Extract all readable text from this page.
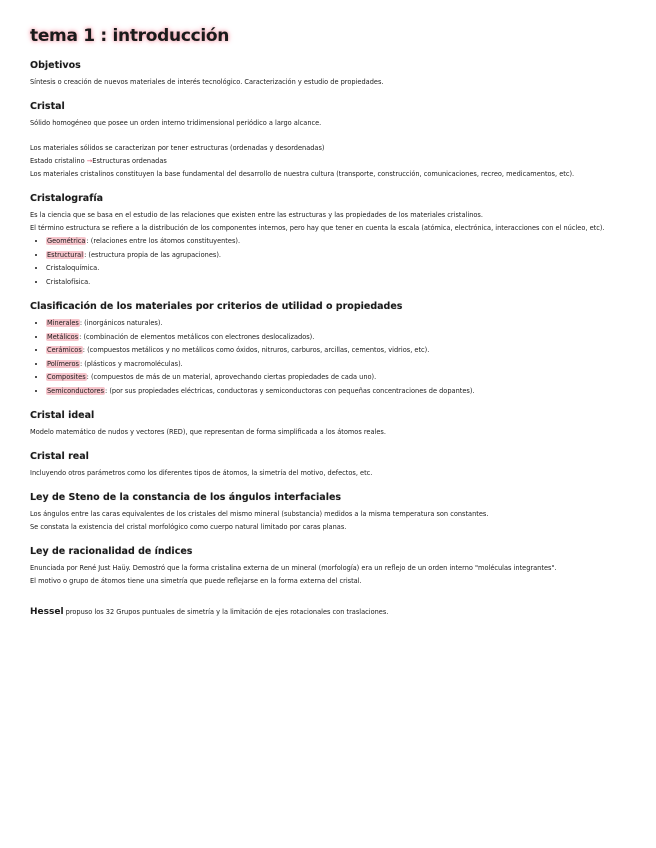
tema 1 : introducción
Objetivos

Síntesis o creación de nuevos materiales de interés tecnológico. Caracterización y estudio de propiedades.

Cristal

Sólido homogéneo que posee un orden interno tridimensional periódico a largo alcance.

Los materiales sólidos se caracterizan por tener estructuras (ordenadas y desordenadas)

Estado cristalino →Estructuras ordenadas

Los materiales cristalinos constituyen la base fundamental del desarrollo de nuestra cultura (transporte, construcción, comunicaciones, recreo, medicamentos, etc).

Cristalografía

Es la ciencia que se basa en el estudio de las relaciones que existen entre las estructuras y las propiedades de los materiales cristalinos.

El término estructura se refiere a la distribución de los componentes internos, pero hay que tener en cuenta la escala (atómica, electrónica, interacciones con el núcleo, etc).

• Geométrica: (relaciones entre los átomos constituyentes).
• Estructural: (estructura propia de las agrupaciones).
• Cristaloquímica.
• Cristalofísica.
Clasificación de los materiales por criterios de utilidad o propiedades
• Minerales: (inorgánicos naturales).
• Metálicos: (combinación de elementos metálicos con electrones deslocalizados).
• Cerámicos: (compuestos metálicos y no metálicos como óxidos, nitruros, carburos, arcillas, cementos, vidrios, etc).
• Polímeros: (plásticos y macromoléculas).
• Composites: (compuestos de más de un material, aprovechando ciertas propiedades de cada uno).
• Semiconductores: (por sus propiedades eléctricas, conductoras y semiconductoras con pequeñas concentraciones de dopantes).
Cristal ideal

Modelo matemático de nudos y vectores (RED), que representan de forma simplificada a los átomos reales.

Cristal real

Incluyendo otros parámetros como los diferentes tipos de átomos, la simetría del motivo, defectos, etc.

Ley de Steno de la constancia de los ángulos interfaciales

Los ángulos entre las caras equivalentes de los cristales del mismo mineral (substancia) medidos a la misma temperatura son constantes.

Se constata la existencia del cristal morfológico como cuerpo natural limitado por caras planas.

Ley de racionalidad de índices

Enunciada por René Just Haüy. Demostró que la forma cristalina externa de un mineral (morfología) era un reflejo de un orden interno "moléculas integrantes".

El motivo o grupo de átomos tiene una simetría que puede reflejarse en la forma externa del cristal.

Hessel propuso los 32 Grupos puntuales de simetría y la limitación de ejes rotacionales con traslaciones.
